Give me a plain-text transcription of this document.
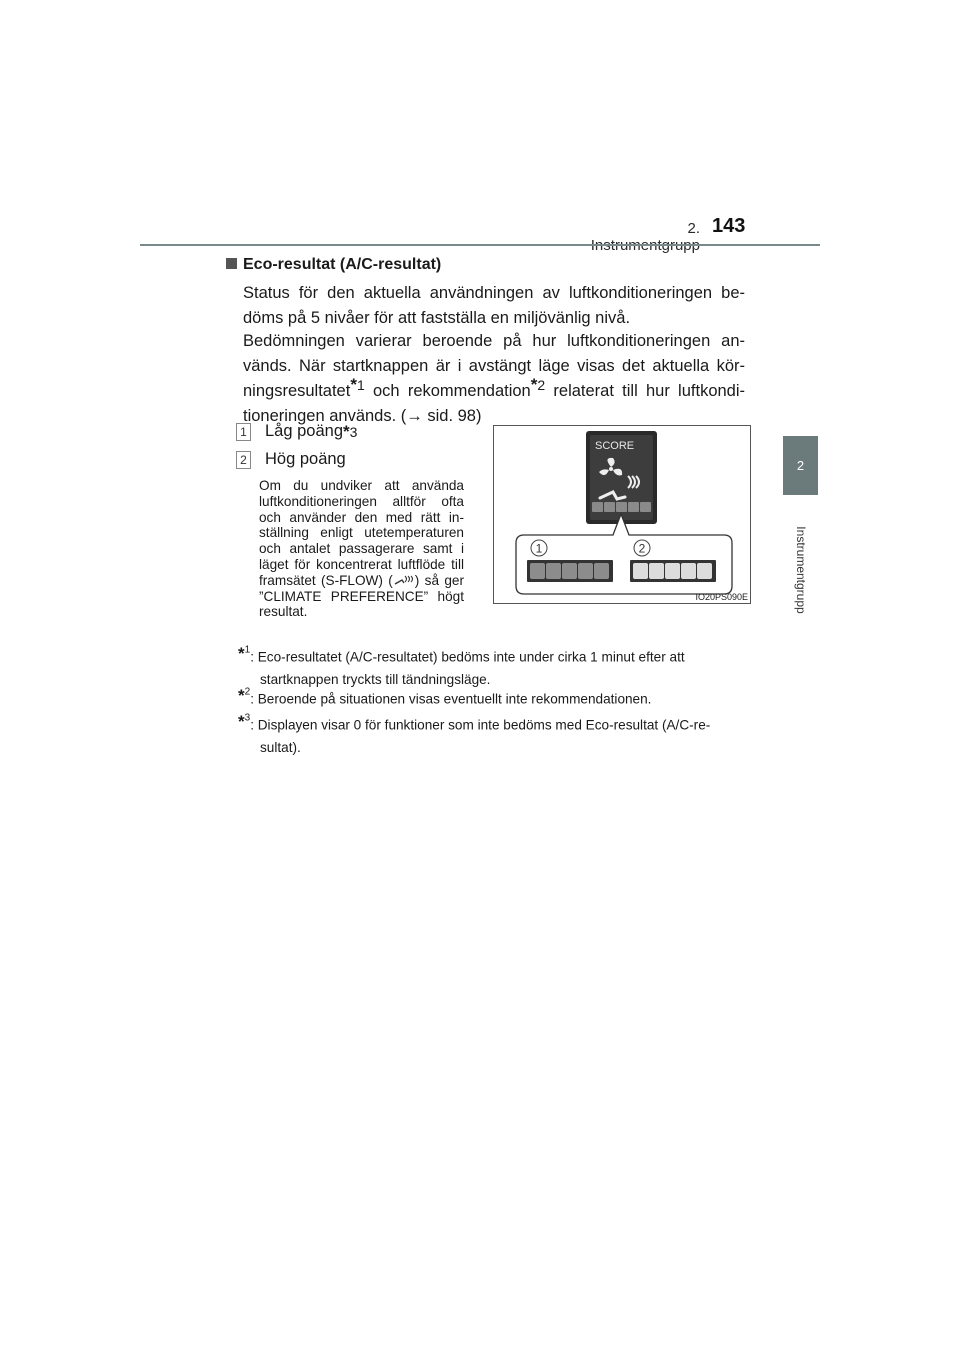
2. 143
2
Instrumentgrupp
Eco-resultat (A/C-resultat)
Status för den aktuella användningen av luftkonditioneringen be-döms på 5 nivåer för att fastställa en miljövänlig nivå.
Bedömningen varierar beroende på hur luftkonditioneringen an-vänds. När startknappen är i avstängt läge visas det aktuella kör-ningsresultatet$^{*1}$ och rekommendation$^{*2}$ relaterat till hur luftkondi-tioneringen används. (→ sid. 98)
1 Låg poäng *3
2 Hög poäng
Om du undviker att använda luftkonditioneringen alltför ofta och använder den med rätt in-ställning enligt utetemperaturen och antalet passagerare samt i läget för koncentrerat luftflöde till framsätet (S-FLOW) ( ) så ger ”CLIMATE PREFERENCE” högt resultat.
SCORE
1	2
IO20PS090E
*$^1$: Eco-resultatet (A/C-resultatet) bedöms inte under cirka 1 minut efter att
startknappen tryckts till tändningsläge.
*$^2$: Beroende på situationen visas eventuellt inte rekommendationen.
*$^3$: Displayen visar 0 för funktioner som inte bedöms med Eco-resultat (A/C-re-
sultat).
